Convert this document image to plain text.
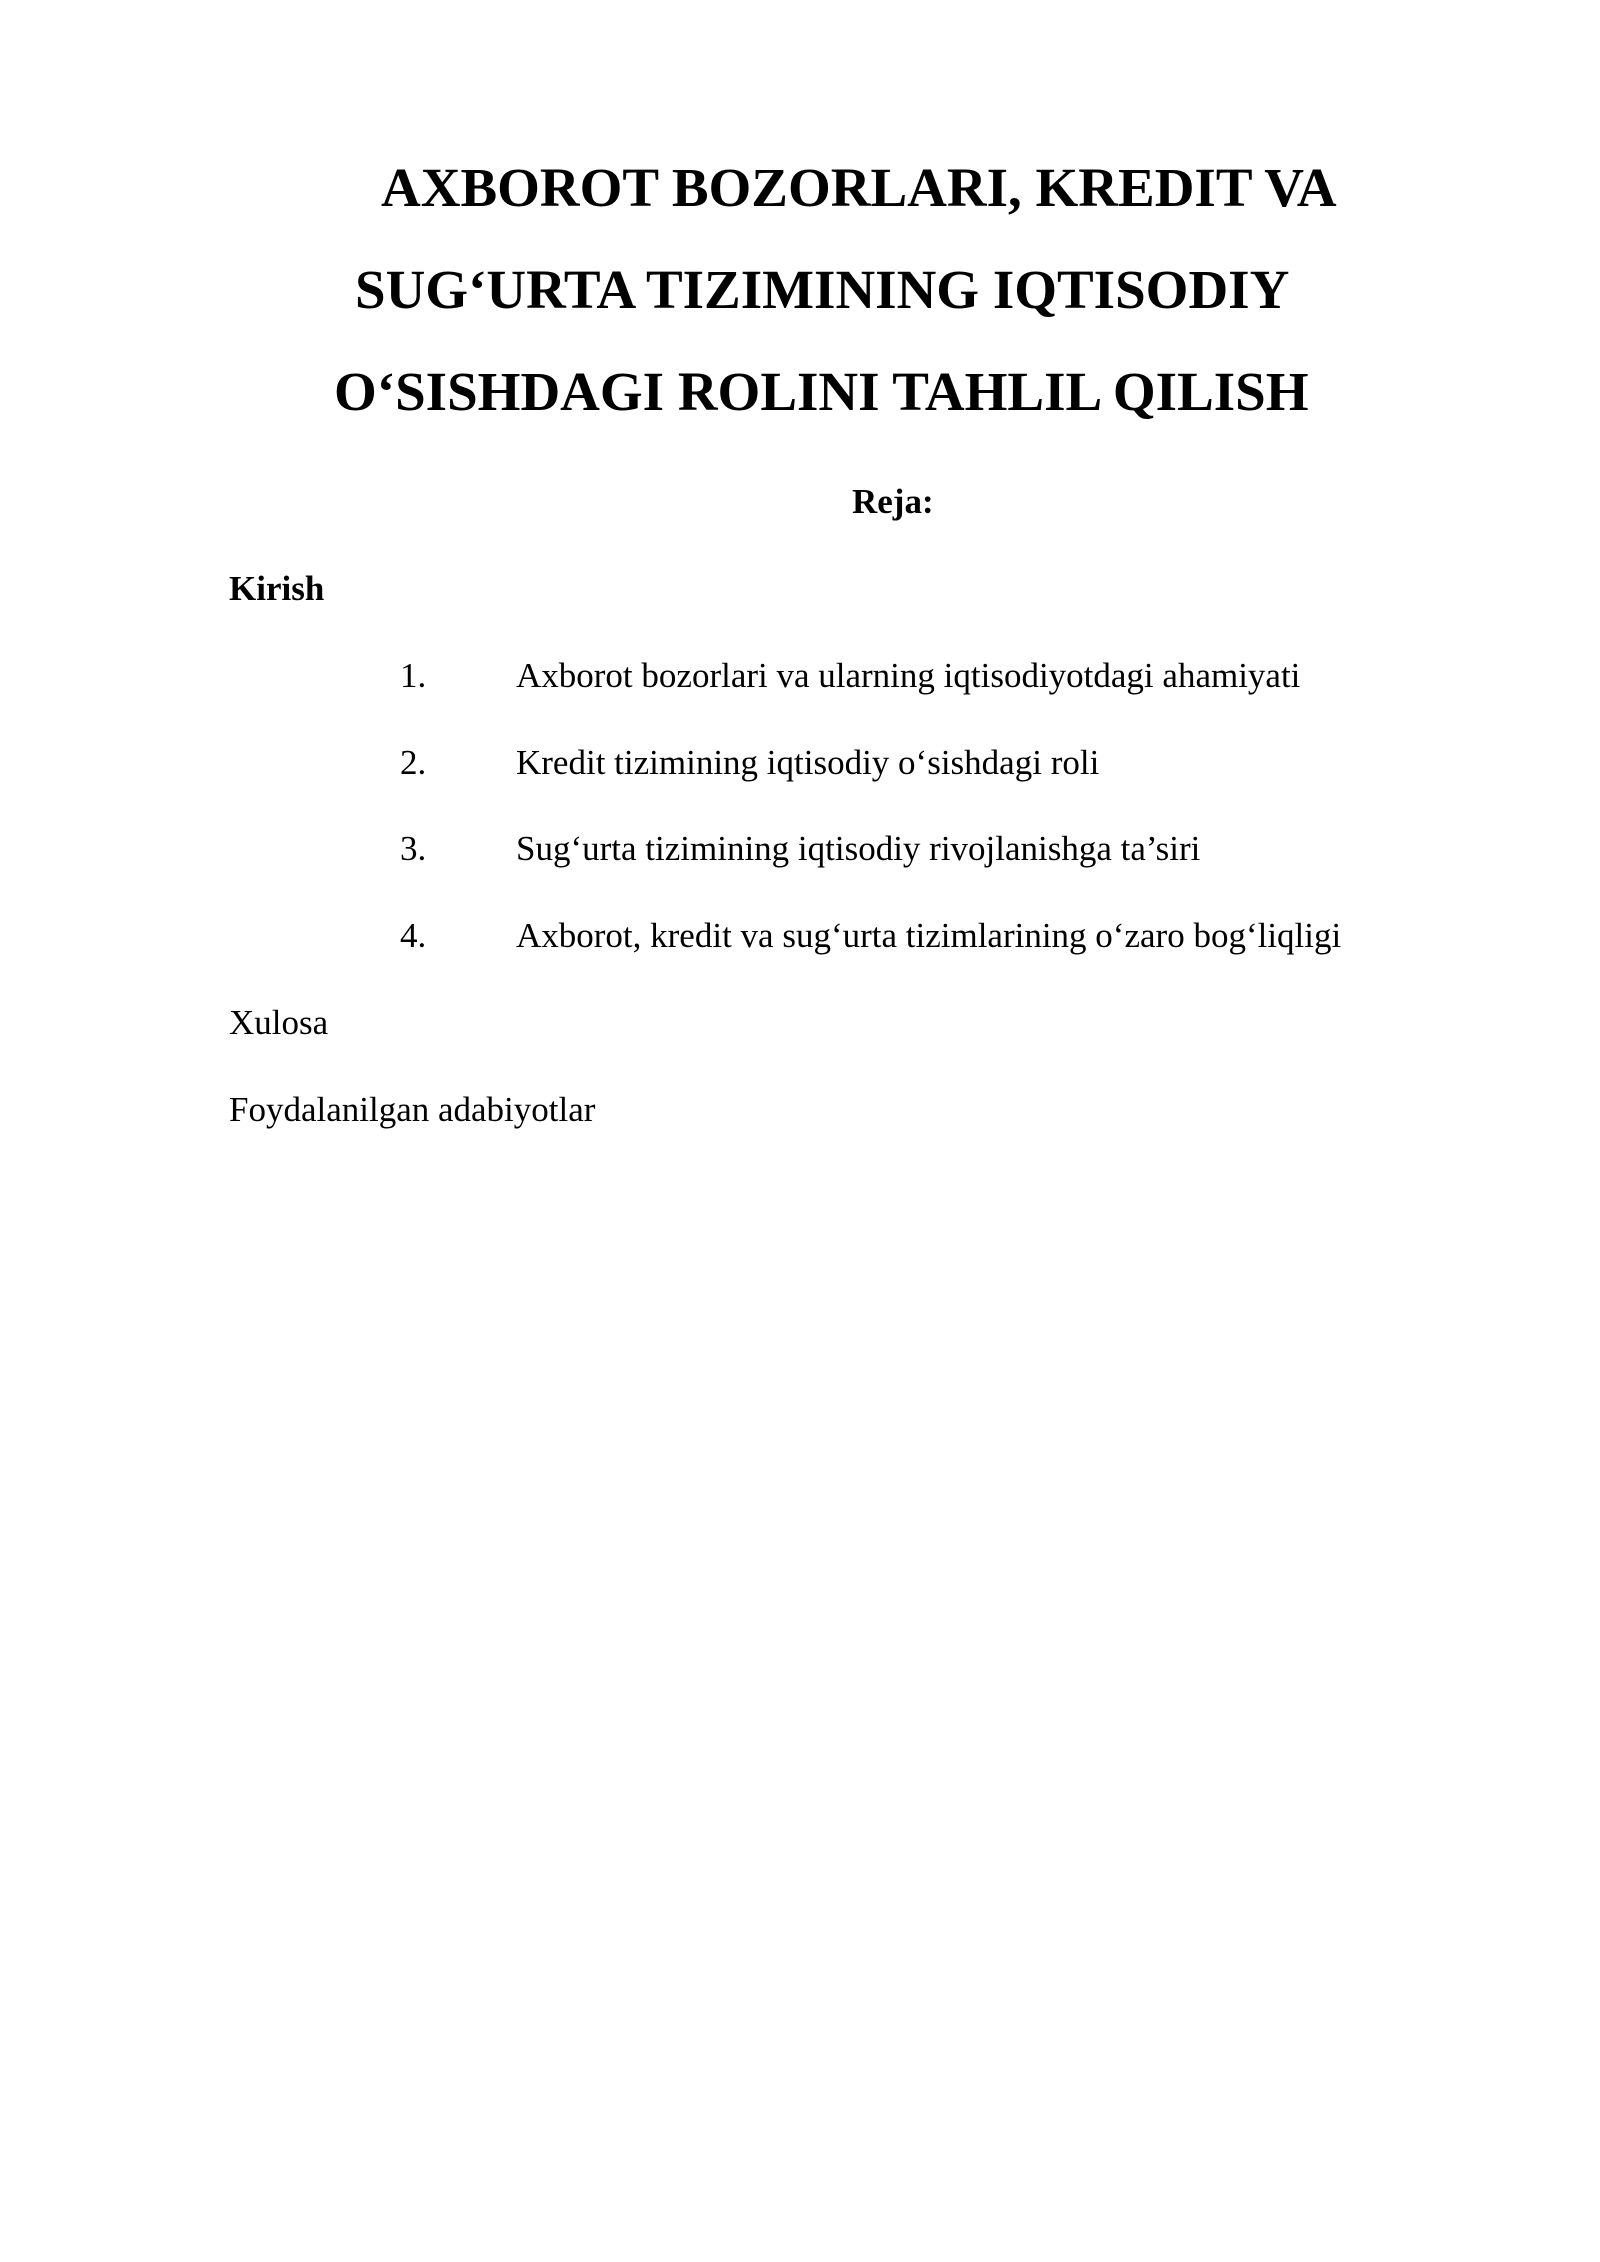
AXBOROT BOZORLARI, KREDIT VA
SUG‘URTA TIZIMINING IQTISODIY
O‘SISHDAGI ROLINI TAHLIL QILISH
Reja:
Kirish
1.	Axborot bozorlari va ularning iqtisodiyotdagi ahamiyati
2.	Kredit tizimining iqtisodiy o‘sishdagi roli
3.	Sug‘urta tizimining iqtisodiy rivojlanishga ta’siri
4.	Axborot, kredit va sug‘urta tizimlarining o‘zaro bog‘liqligi
Xulosa
Foydalanilgan adabiyotlar
